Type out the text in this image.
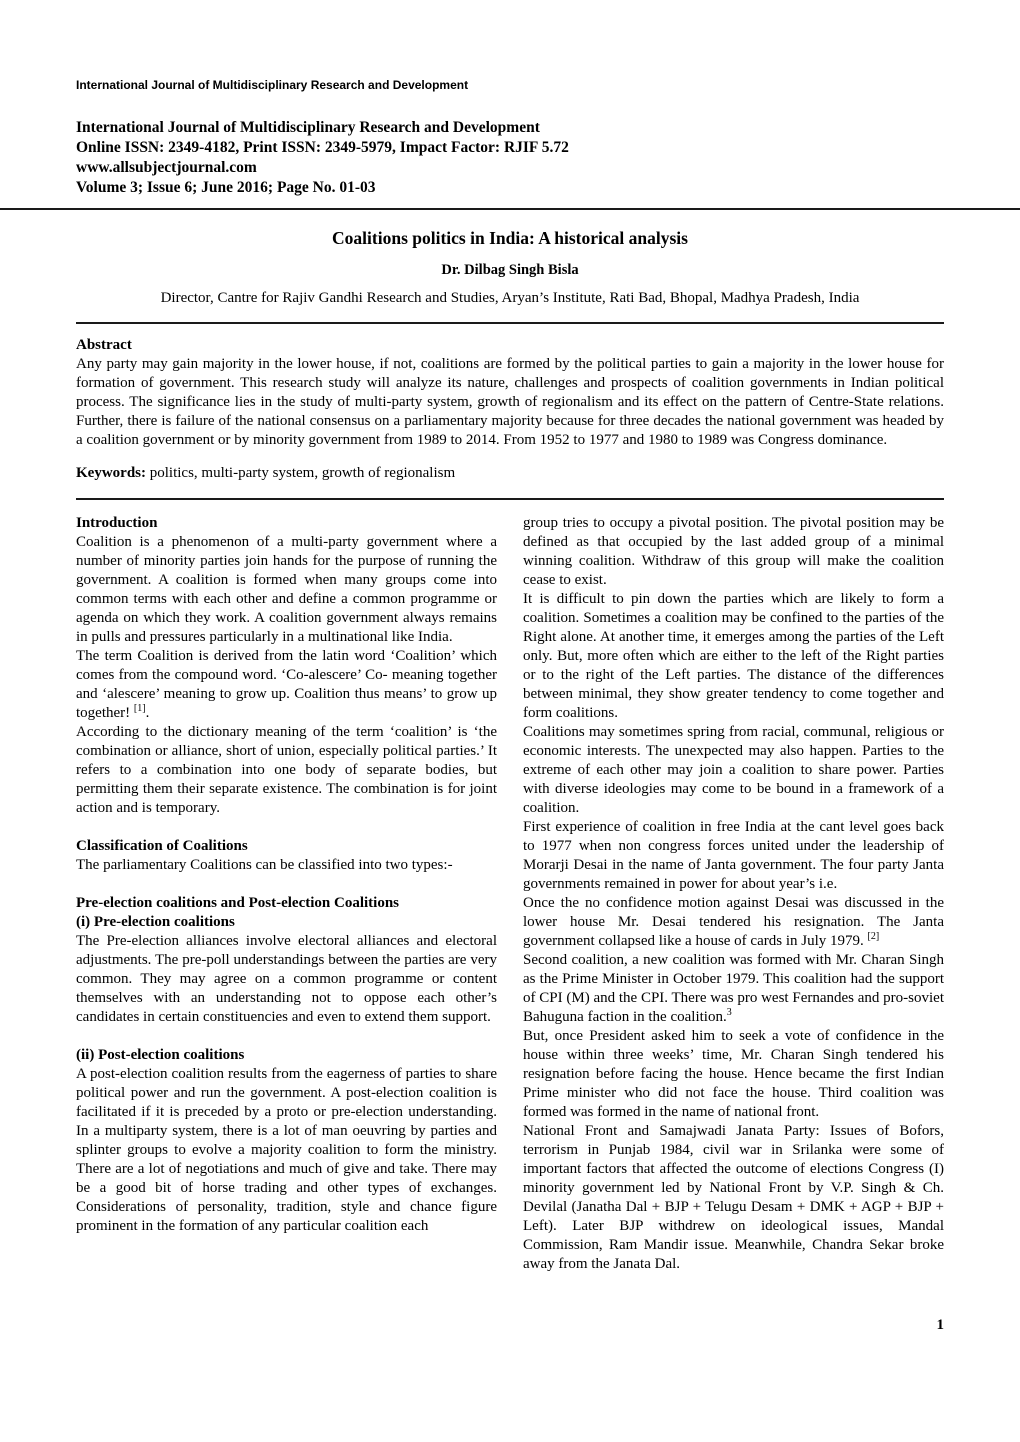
International Journal of Multidisciplinary Research and Development
International Journal of Multidisciplinary Research and Development
Online ISSN: 2349-4182, Print ISSN: 2349-5979, Impact Factor: RJIF 5.72
www.allsubjectjournal.com
Volume 3; Issue 6; June 2016; Page No. 01-03
Coalitions politics in India: A historical analysis
Dr. Dilbag Singh Bisla
Director, Cantre for Rajiv Gandhi Research and Studies, Aryan’s Institute, Rati Bad, Bhopal, Madhya Pradesh, India
Abstract

Any party may gain majority in the lower house, if not, coalitions are formed by the political parties to gain a majority in the lower house for formation of government. This research study will analyze its nature, challenges and prospects of coalition governments in Indian political process. The significance lies in the study of multi-party system, growth of regionalism and its effect on the pattern of Centre-State relations. Further, there is failure of the national consensus on a parliamentary majority because for three decades the national government was headed by a coalition government or by minority government from 1989 to 2014. From 1952 to 1977 and 1980 to 1989 was Congress dominance.

Keywords: politics, multi-party system, growth of regionalism

Introduction

Coalition is a phenomenon of a multi-party government where a number of minority parties join hands for the purpose of running the government. A coalition is formed when many groups come into common terms with each other and define a common programme or agenda on which they work. A coalition government always remains in pulls and pressures particularly in a multinational like India.

The term Coalition is derived from the latin word ‘Coalition’ which comes from the compound word. ‘Co-alescere’ Co- meaning together and ‘alescere’ meaning to grow up. Coalition thus means’ to grow up together! [1].

According to the dictionary meaning of the term ‘coalition’ is ‘the combination or alliance, short of union, especially political parties.’ It refers to a combination into one body of separate bodies, but permitting them their separate existence. The combination is for joint action and is temporary.

Classification of Coalitions

The parliamentary Coalitions can be classified into two types:-

Pre-election coalitions and Post-election Coalitions
(i) Pre-election coalitions

The Pre-election alliances involve electoral alliances and electoral adjustments. The pre-poll understandings between the parties are very common. They may agree on a common programme or content themselves with an understanding not to oppose each other’s candidates in certain constituencies and even to extend them support.

(ii) Post-election coalitions

A post-election coalition results from the eagerness of parties to share political power and run the government. A post-election coalition is facilitated if it is preceded by a proto or pre-election understanding. In a multiparty system, there is a lot of man oeuvring by parties and splinter groups to evolve a majority coalition to form the ministry. There are a lot of negotiations and much of give and take. There may be a good bit of horse trading and other types of exchanges. Considerations of personality, tradition, style and chance figure prominent in the formation of any particular coalition each

group tries to occupy a pivotal position. The pivotal position may be defined as that occupied by the last added group of a minimal winning coalition. Withdraw of this group will make the coalition cease to exist.

It is difficult to pin down the parties which are likely to form a coalition. Sometimes a coalition may be confined to the parties of the Right alone. At another time, it emerges among the parties of the Left only. But, more often which are either to the left of the Right parties or to the right of the Left parties. The distance of the differences between minimal, they show greater tendency to come together and form coalitions.

Coalitions may sometimes spring from racial, communal, religious or economic interests. The unexpected may also happen. Parties to the extreme of each other may join a coalition to share power. Parties with diverse ideologies may come to be bound in a framework of a coalition.

First experience of coalition in free India at the cant level goes back to 1977 when non congress forces united under the leadership of Morarji Desai in the name of Janta government. The four party Janta governments remained in power for about year’s i.e.

Once the no confidence motion against Desai was discussed in the lower house Mr. Desai tendered his resignation. The Janta government collapsed like a house of cards in July 1979. [2]

Second coalition, a new coalition was formed with Mr. Charan Singh as the Prime Minister in October 1979. This coalition had the support of CPI (M) and the CPI. There was pro west Fernandes and pro-soviet Bahuguna faction in the coalition.$^3$

But, once President asked him to seek a vote of confidence in the house within three weeks’ time, Mr. Charan Singh tendered his resignation before facing the house. Hence became the first Indian Prime minister who did not face the house. Third coalition was formed was formed in the name of national front.

National Front and Samajwadi Janata Party: Issues of Bofors, terrorism in Punjab 1984, civil war in Srilanka were some of important factors that affected the outcome of elections Congress (I) minority government led by National Front by V.P. Singh & Ch. Devilal (Janatha Dal + BJP + Telugu Desam + DMK + AGP + BJP + Left). Later BJP withdrew on ideological issues, Mandal Commission, Ram Mandir issue. Meanwhile, Chandra Sekar broke away from the Janata Dal.

1
